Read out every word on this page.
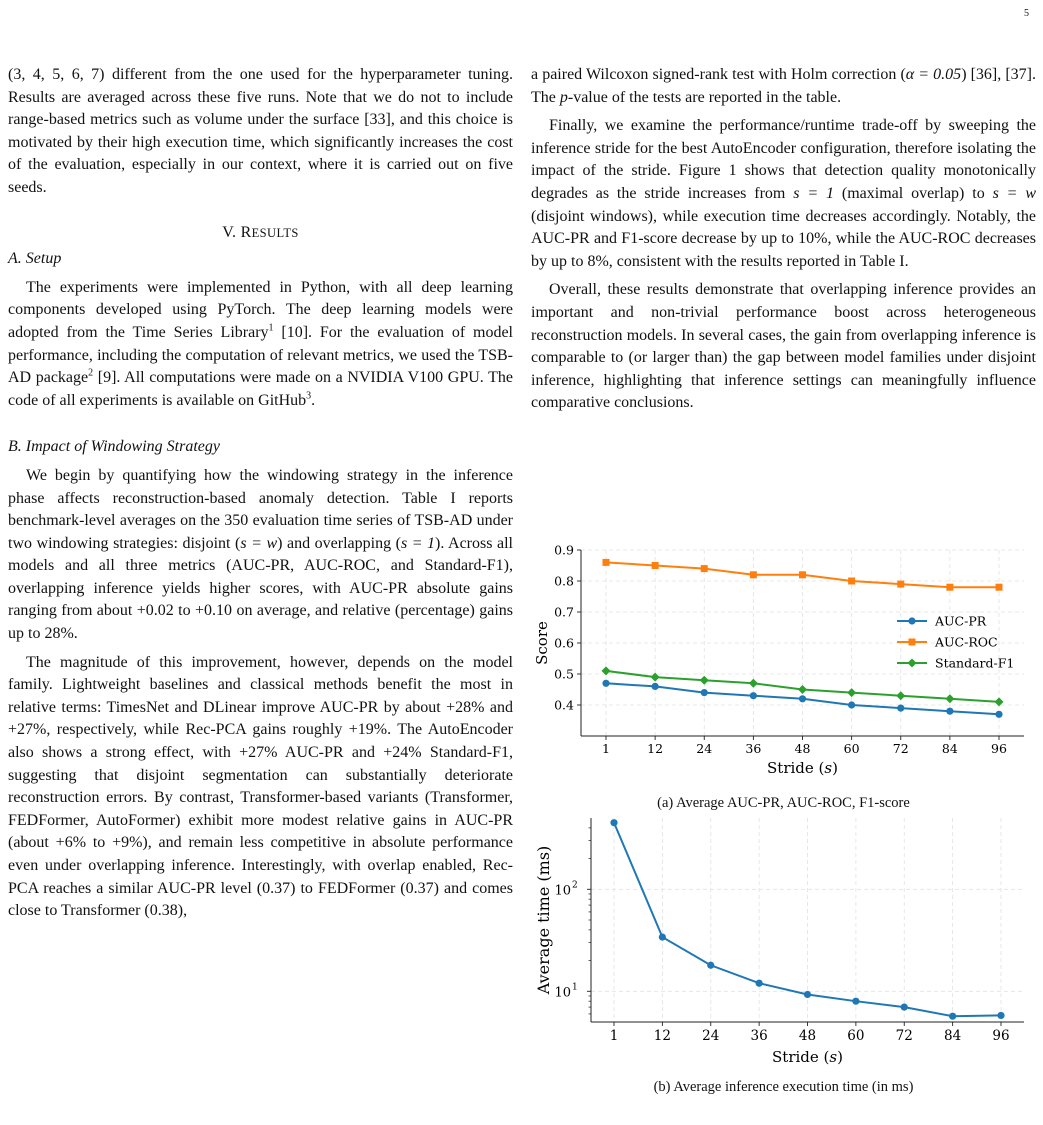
5

(3, 4, 5, 6, 7) different from the one used for the hyperparameter tuning. Results are averaged across these five runs. Note that we do not to include range-based metrics such as volume under the surface [33], and this choice is motivated by their high execution time, which significantly increases the cost of the evaluation, especially in our context, where it is carried out on five seeds.

V. RESULTS
A. Setup

The experiments were implemented in Python, with all deep learning components developed using PyTorch. The deep learning models were adopted from the Time Series Library$^1$ [10]. For the evaluation of model performance, including the computation of relevant metrics, we used the TSB-AD package$^2$ [9]. All computations were made on a NVIDIA V100 GPU. The code of all experiments is available on GitHub$^3$.

B. Impact of Windowing Strategy

We begin by quantifying how the windowing strategy in the inference phase affects reconstruction-based anomaly detection. Table I reports benchmark-level averages on the 350 evaluation time series of TSB-AD under two windowing strategies: disjoint (s = w) and overlapping (s = 1). Across all models and all three metrics (AUC-PR, AUC-ROC, and Standard-F1), overlapping inference yields higher scores, with AUC-PR absolute gains ranging from about +0.02 to +0.10 on average, and relative (percentage) gains up to 28%.

The magnitude of this improvement, however, depends on the model family. Lightweight baselines and classical methods benefit the most in relative terms: TimesNet and DLinear improve AUC-PR by about +28% and +27%, respectively, while Rec-PCA gains roughly +19%. The AutoEncoder also shows a strong effect, with +27% AUC-PR and +24% Standard-F1, suggesting that disjoint segmentation can substantially deteriorate reconstruction errors. By contrast, Transformer-based variants (Transformer, FEDFormer, AutoFormer) exhibit more modest relative gains in AUC-PR (about +6% to +9%), and remain less competitive in absolute performance even under overlapping inference. Interestingly, with overlap enabled, Rec-PCA reaches a similar AUC-PR level (0.37) to FEDFormer (0.37) and comes close to Transformer (0.38),

a paired Wilcoxon signed-rank test with Holm correction (α = 0.05) [36], [37]. The p-value of the tests are reported in the table.

Finally, we examine the performance/runtime trade-off by sweeping the inference stride for the best AutoEncoder configuration, therefore isolating the impact of the stride. Figure 1 shows that detection quality monotonically degrades as the stride increases from s = 1 (maximal overlap) to s = w (disjoint windows), while execution time decreases accordingly. Notably, the AUC-PR and F1-score decrease by up to 10%, while the AUC-ROC decreases by up to 8%, consistent with the results reported in Table I.

Overall, these results demonstrate that overlapping inference provides an important and non-trivial performance boost across heterogeneous reconstruction models. In several cases, the gain from overlapping inference is comparable to (or larger than) the gap between model families under disjoint inference, highlighting that inference settings can meaningfully influence comparative conclusions.

0.4
0.5
0.6
0.7
0.8
0.9
1	12	24	36	48	60	72	84	96
Stride (s)
Score
AUC-PR
AUC-ROC
Standard-F1
(a) Average AUC-PR, AUC-ROC, F1-score
10 2
10 1
1	12 24 36 48 60 72 84 96
Stride (s)
Average time (ms)
(b) Average inference execution time (in ms)
